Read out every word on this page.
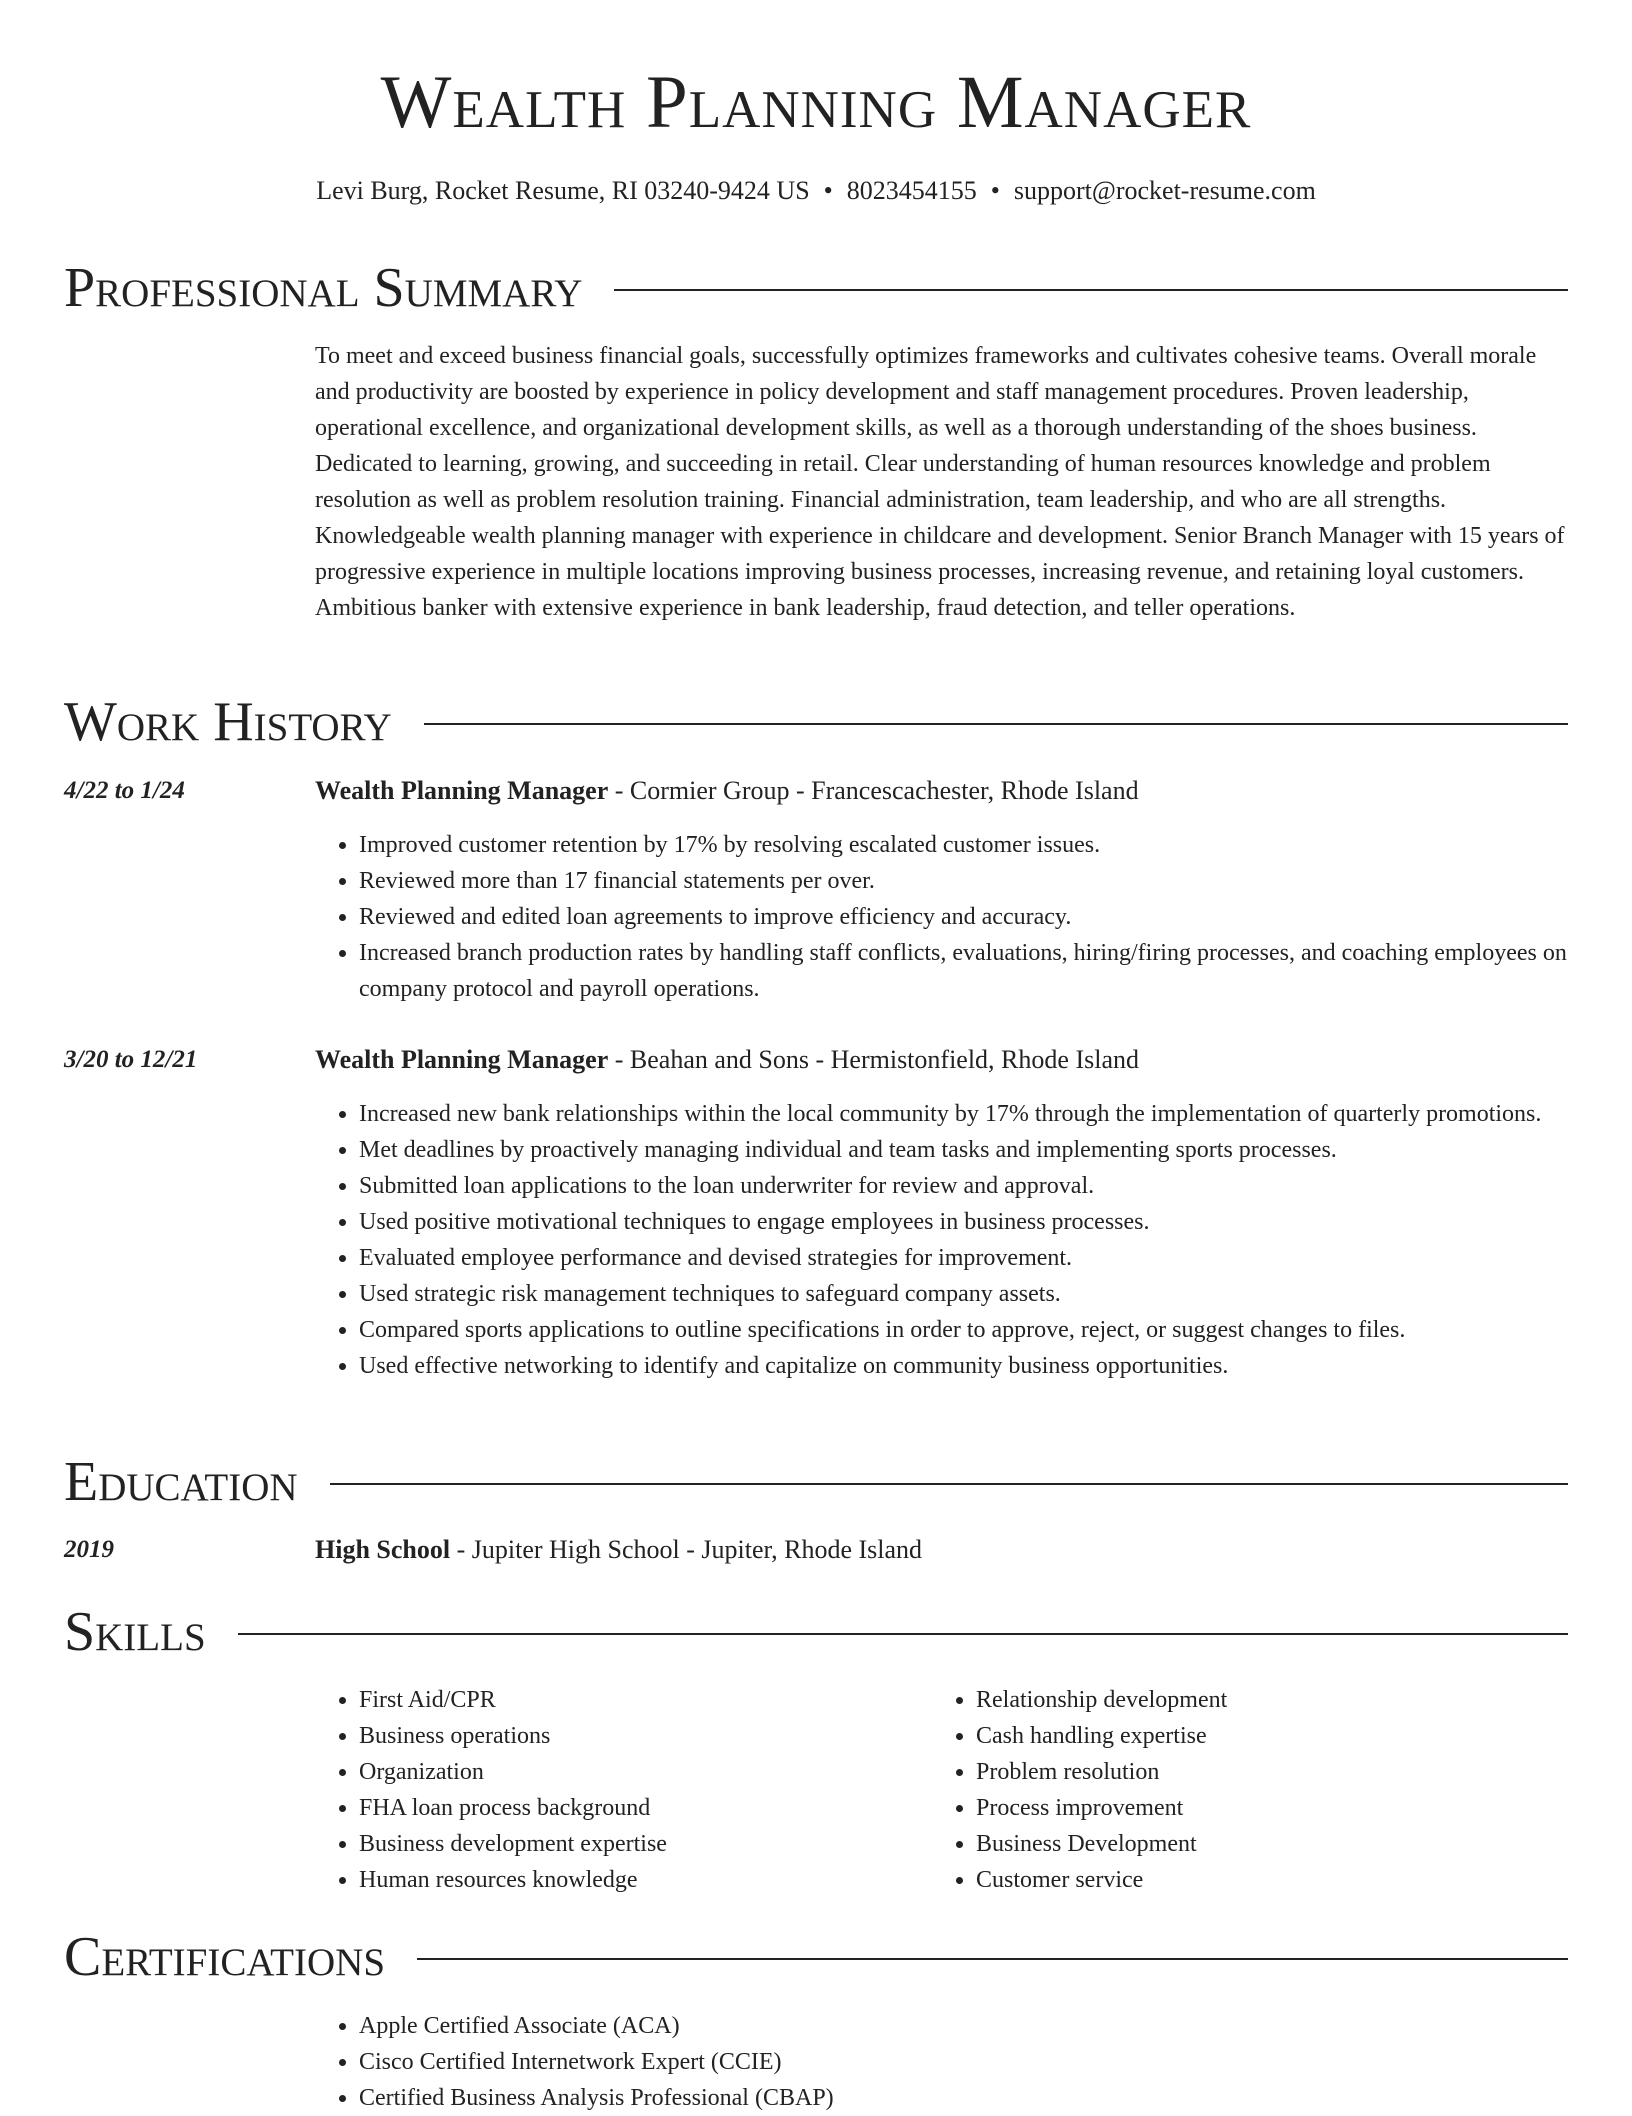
Wealth Planning Manager
Levi Burg, Rocket Resume, RI 03240-9424 US • 8023454155 • support@rocket-resume.com
Professional Summary

To meet and exceed business financial goals, successfully optimizes frameworks and cultivates cohesive teams. Overall morale and productivity are boosted by experience in policy development and staff management procedures. Proven leadership, operational excellence, and organizational development skills, as well as a thorough understanding of the shoes business. Dedicated to learning, growing, and succeeding in retail. Clear understanding of human resources knowledge and problem resolution as well as problem resolution training. Financial administration, team leadership, and who are all strengths. Knowledgeable wealth planning manager with experience in childcare and development. Senior Branch Manager with 15 years of progressive experience in multiple locations improving business processes, increasing revenue, and retaining loyal customers. Ambitious banker with extensive experience in bank leadership, fraud detection, and teller operations.

Work History
4/22 to 1/24	Wealth Planning Manager - Cormier Group - Francescachester, Rhode Island
• Improved customer retention by 17% by resolving escalated customer issues.
• Reviewed more than 17 financial statements per over.
• Reviewed and edited loan agreements to improve efficiency and accuracy.
• Increased branch production rates by handling staff conflicts, evaluations, hiring/firing processes, and coaching employees on company protocol and payroll operations.
3/20 to 12/21	Wealth Planning Manager - Beahan and Sons - Hermistonfield, Rhode Island
• Increased new bank relationships within the local community by 17% through the implementation of quarterly promotions.
• Met deadlines by proactively managing individual and team tasks and implementing sports processes.
• Submitted loan applications to the loan underwriter for review and approval.
• Used positive motivational techniques to engage employees in business processes.
• Evaluated employee performance and devised strategies for improvement.
• Used strategic risk management techniques to safeguard company assets.
• Compared sports applications to outline specifications in order to approve, reject, or suggest changes to files.
• Used effective networking to identify and capitalize on community business opportunities.
Education
2019	High School - Jupiter High School - Jupiter, Rhode Island
Skills
• First Aid/CPR
• Business operations
• Organization
• FHA loan process background
• Business development expertise
• Human resources knowledge
• Relationship development
• Cash handling expertise
• Problem resolution
• Process improvement
• Business Development
• Customer service
Certifications
• Apple Certified Associate (ACA)
• Cisco Certified Internetwork Expert (CCIE)
• Certified Business Analysis Professional (CBAP)
